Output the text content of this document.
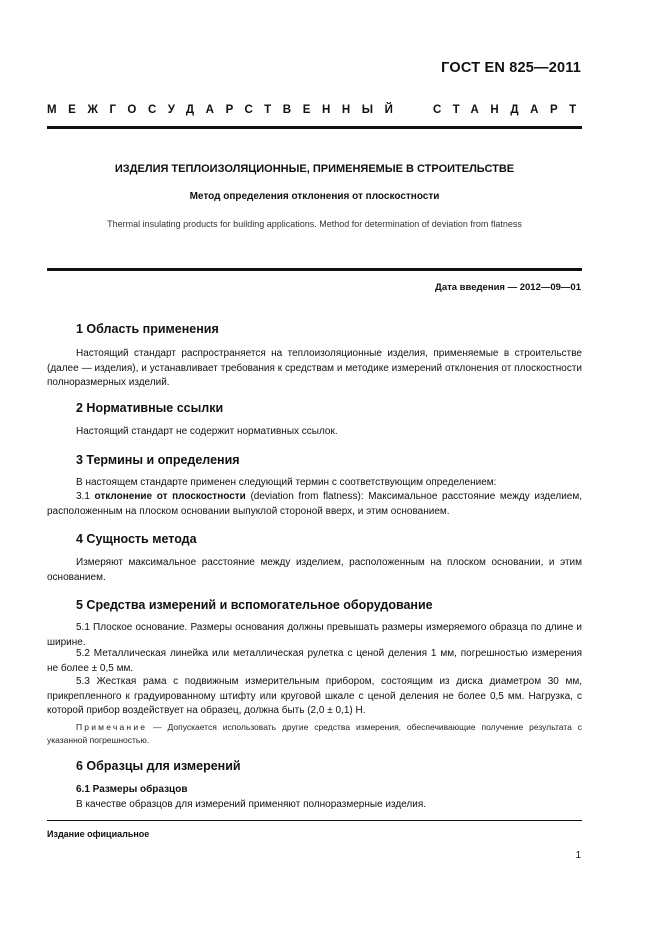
ГОСТ EN 825—2011
МЕЖГОСУДАРСТВЕННЫЙ СТАНДАРТ
ИЗДЕЛИЯ ТЕПЛОИЗОЛЯЦИОННЫЕ, ПРИМЕНЯЕМЫЕ В СТРОИТЕЛЬСТВЕ
Метод определения отклонения от плоскостности
Thermal insulating products for building applications. Method for determination of deviation from flatness
Дата введения — 2012—09—01
1 Область применения
Настоящий стандарт распространяется на теплоизоляционные изделия, применяемые в строительстве (далее — изделия), и устанавливает требования к средствам и методике измерений отклонения от плоскостности полноразмерных изделий.
2 Нормативные ссылки
Настоящий стандарт не содержит нормативных ссылок.
3 Термины и определения
В настоящем стандарте применен следующий термин с соответствующим определением:
3.1 отклонение от плоскостности (deviation from flatness): Максимальное расстояние между изделием, расположенным на плоском основании выпуклой стороной вверх, и этим основанием.
4 Сущность метода
Измеряют максимальное расстояние между изделием, расположенным на плоском основании, и этим основанием.
5 Средства измерений и вспомогательное оборудование
5.1 Плоское основание. Размеры основания должны превышать размеры измеряемого образца по длине и ширине.
5.2 Металлическая линейка или металлическая рулетка с ценой деления 1 мм, погрешностью измерения не более ± 0,5 мм.
5.3 Жесткая рама с подвижным измерительным прибором, состоящим из диска диаметром 30 мм, прикрепленного к градуированному штифту или круговой шкале с ценой деления не более 0,5 мм. Нагрузка, с которой прибор воздействует на образец, должна быть (2,0 ± 0,1) Н.
Примечание — Допускается использовать другие средства измерения, обеспечивающие получение результата с указанной погрешностью.
6 Образцы для измерений
6.1 Размеры образцов
В качестве образцов для измерений применяют полноразмерные изделия.
Издание официальное
1
